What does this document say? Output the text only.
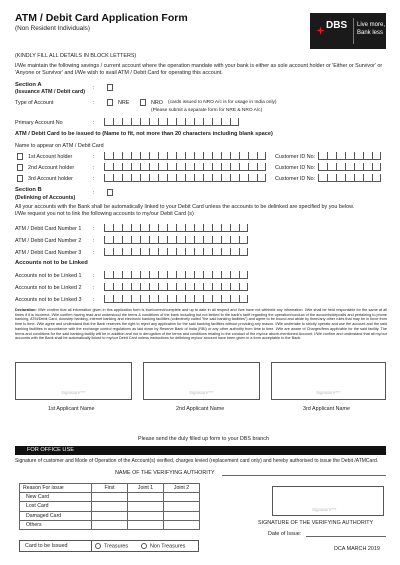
ATM / Debit Card Application Form
(Non Resident Individuals)	DBS Live more,
Bank less
(KINDLY FILL ALL DETAILS IN BLOCK LETTERS)
I/We maintain the following savings / current account where the operation mandate with your bank is either as sole account holder or 'Either or Survivor' or 'Anyone or Survivor' and I/We wish to avail ATM / Debit Card for operating this account.
Section A
(Issuance ATM / Debit card)
:
Type of Account	:	NRE	NRO (cards issued to NRO A/c is for usage in India only)
(Please submit a separate form for NRE & NRO A/c)
Primary Account No	:
ATM / Debit Card to be issued to (Name to fit, not more than 20 characters including blank space)
Name to appear on ATM / Debit Card
1st Account holder	:	Customer ID No:
2nd Account holder	:	Customer ID No:
3rd Account holder	:	Customer ID No:
Section B
(Delinking of Accounts)
:
All your accounts with the Bank shall be automatically linked to your Debit Card unless the accounts to be delinked are specified by you below.
I/We request you not to link the following accounts to my/our Debit Card (s)
ATM / Debit Card Number 1 :
ATM / Debit Card Number 2 :
ATM / Debit Card Number 3 :
Accounts not to be Linked
Accounts not to be Linked 1 :
Accounts not to be Linked 2 :
Accounts not to be Linked 3 :
Declaration: I/We confirm that all information given in this application form is true/correct/complete and up to date in all respect and I/we have not withheld any information. I/We shall be held responsible for the same at all times if it is incorrect. I/We confirm having read and understood the terms & conditions of the bank including but not limited to the bank's tariff regarding the operation/conduct of the accounts/deposits and pertaining to phone banking, ATM/Debit Card, doorstep banking, internet banking and electronic banking facilities (collectively called "the said banking facilities") and agree to be bound and abide by them/any other rules that may be in force from time to time. I/We agree and understand that the Bank reserves the right to reject any application for the said banking facilities without providing any reason. I/We undertake to strictly operate and use the account and the said banking facilities in accordance with the exchange control regulations as laid down by Reserve Bank of India (RBI) or any other authority from time to time. I/We are aware of Charges/fees applicable for the said facility. The terms and conditions for the said banking facility will be in addition and not in derogation of the terms and conditions relating to the conduct of the my/our above-mentioned Account. I/We confirm and understand that all my/our accounts with the Bank shall be automatically linked to my/our Debit Card unless instructions for delinking my/our account have been given in a form acceptable to the Bank.
Signature***	Signature***	Signature***
1st Applicant Name	2nd Applicant Name	3rd Applicant Name
Please send the duly filled up form to your DBS branch
FOR OFFICE USE
Signature of customer and Mode of Operation of the Account(s) verified, charges levied (replacement card only) and hereby authorised to issue the Debit /ATMCard.
NAME OF THE VERIFYING AUTHORITY
Reason For issue	First	Joint 1	Joint 2
New Card			
Lost Card			
Damaged Card			
Others			
Signature***
SIGNATURE OF THE VERIFYING AUTHORITY
Date of Issue:
Card to be Issued	Treasures	Non Treasures	DCA MARCH 2019
